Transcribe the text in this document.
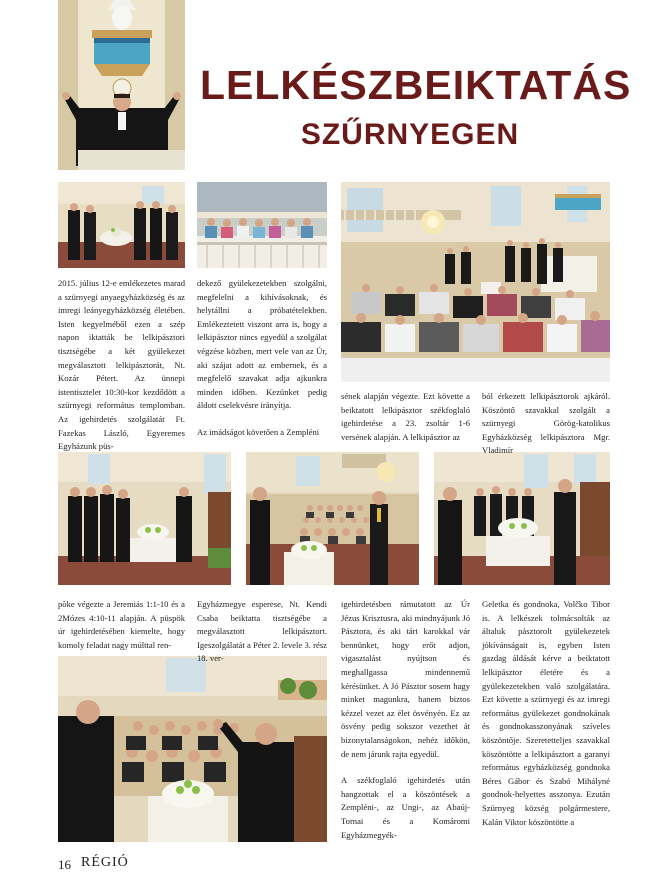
LELKÉSZBEIKTATÁS
SZŰRNYEGEN

2015. július 12-e emlékezetes marad a szürnyegi anyaegyházközség és az imregi leányegyházközség életében. Isten kegyelméből ezen a szép napon iktatták be lelkipásztori tisztségébe a két gyülekezet megválasztott lelkipásztorát, Nt. Kozár Pétert. Az ünnepi istentisztelet 10:30-kor kezdődött a szürnyegi református templomban. Az igehirdetés szolgálatát Ft. Fazekas László, Egyeremes Egyházunk püs-

dekező gyülekezetekben szolgálni, megfelelni a kihívásoknak, és helytállni a próbatételekben. Emlékeztetett viszont arra is, hogy a lelkipásztor nincs egyedül a szolgálat végzése közben, mert vele van az Úr, aki szájat adott az embernek, és a megfelelő szavakat adja ajkunkra minden időben. Kezünket pedig áldott cselekvésre irányítja.

Az imádságot követően a Zempléni

sének alapján végezte. Ezt követte a beiktatott lelkipásztor székfoglaló igehirdetése a 23. zsoltár 1-6 versének alapján. A lelkipásztor az

ból érkezett lelkipásztorok ajkáról. Köszöntő szavakkal szolgált a szürnyegi Görög-katolikus Egyházközség lelkipásztora Mgr. Vladimír

põke végezte a Jeremiás 1:1-10 és a 2Mózes 4:10-11 alapján. A püspök úr igehirdetésében kiemelte, hogy komoly feladat nagy múlttal ren-

Egyházmegye esperese, Nt. Kendi Csaba beiktatta tisztségébe a megválasztott lelkipásztort. Igeszolgálatát a Péter 2. levele 3. rész 18. ver-

igehirdetésben rámutatott az Úr Jézus Krisztusra, aki mindnyájunk Jó Pásztora, és aki tárt karokkal vár bennünket, hogy erőt adjon, vigasztalást nyújtson és meghallgassa mindennemű kérésünket. A Jó Pásztor sosem hagy minket magunkra, hanem biztos kézzel vezet az élet ösvényén. Ez az ösvény pedig sokszor vezethet át bizonytalanságokon, nehéz időkön, de nem járunk rajta egyedül.

A székfoglaló igehirdetés után hangzottak el a köszöntések a Zempléni-, az Ungi-, az Abaúj-Tornai és a Komáromi Egyházmegyék-

Geletka és gondnoka, Volčko Tibor is. A lelkészek tolmácsolták az általuk pásztorolt gyülekezetek jókívánságait is, egyben Isten gazdag áldását kérve a beiktatott lelkipásztor életére és a gyülekezetekben való szolgálatára. Ezt követte a szürnyegi és az imregi református gyülekezet gondnokának és gondnokasszonyának szíveles köszöntője. Szeretetteljes szavakkal köszöntötte a lelkipásztort a garanyi református egyházközség gondnoka Béres Gábor és Szabó Mihályné gondnok-helyettes asszonya. Ezután Szürnyeg község polgármestere, Kalán Viktor köszöntötte a

16 RÉGIÓ
